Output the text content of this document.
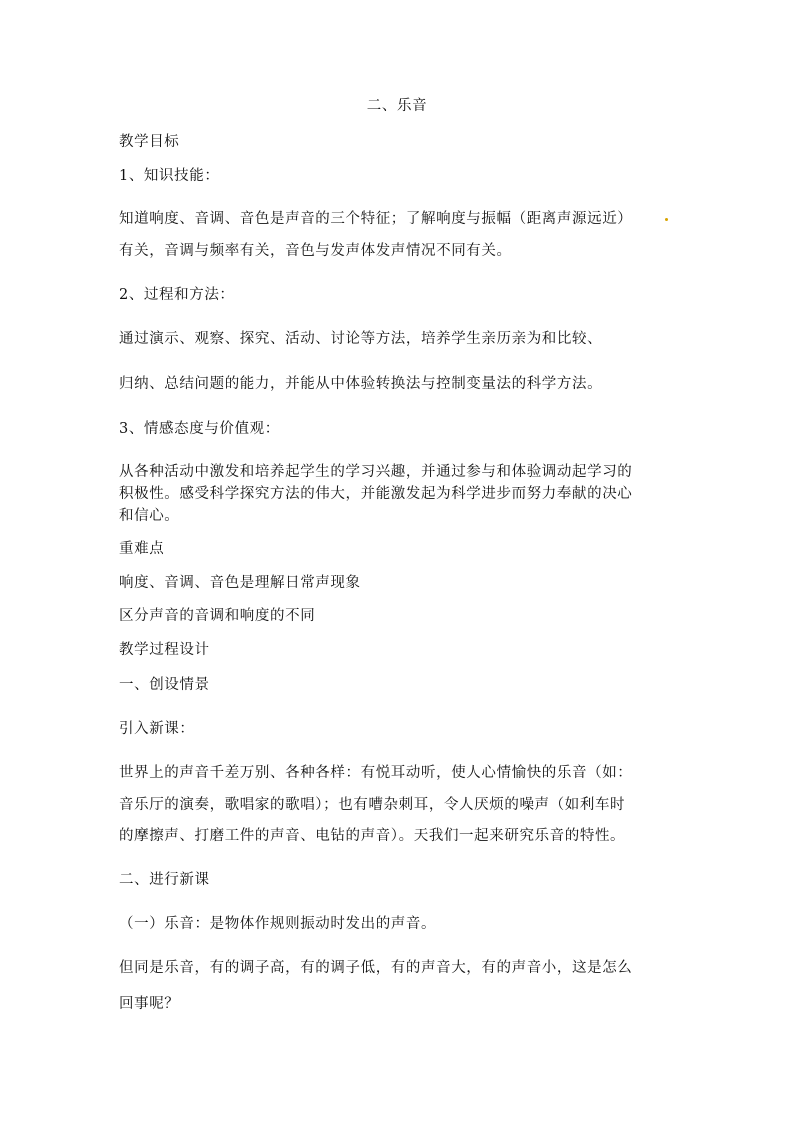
二、乐音
教学目标
1、知识技能：
知道响度、音调、音色是声音的三个特征；了解响度与振幅（距离声源远近）
有关，音调与频率有关，音色与发声体发声情况不同有关。
2、过程和方法：
通过演示、观察、探究、活动、讨论等方法，培养学生亲历亲为和比较、
归纳、总结问题的能力，并能从中体验转换法与控制变量法的科学方法。
3、情感态度与价值观：
从各种活动中激发和培养起学生的学习兴趣，并通过参与和体验调动起学习的
积极性。感受科学探究方法的伟大，并能激发起为科学进步而努力奉献的决心
和信心。
重难点
响度、音调、音色是理解日常声现象
区分声音的音调和响度的不同
教学过程设计
一、创设情景
引入新课：
世界上的声音千差万别、各种各样：有悦耳动听，使人心情愉快的乐音（如：
音乐厅的演奏，歌唱家的歌唱）；也有嘈杂刺耳，令人厌烦的噪声（如利车时
的摩擦声、打磨工件的声音、电钻的声音）。天我们一起来研究乐音的特性。
二、进行新课
（一）乐音：是物体作规则振动时发出的声音。
但同是乐音，有的调子高，有的调子低，有的声音大，有的声音小，这是怎么
回事呢？
